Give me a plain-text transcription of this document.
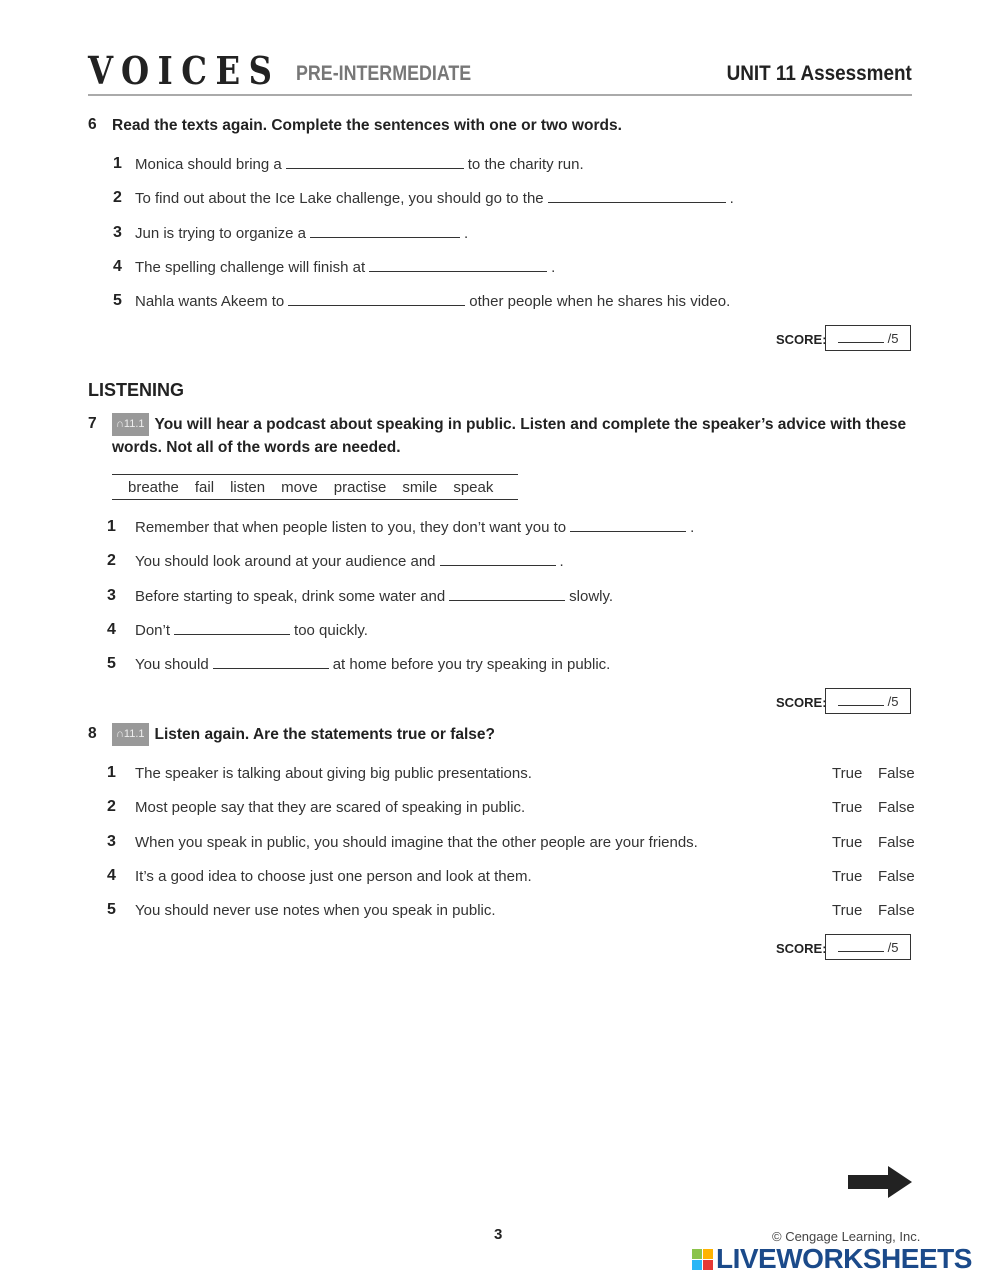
VOICES PRE-INTERMEDIATE	UNIT 11 Assessment
6 Read the texts again. Complete the sentences with one or two words.
SCORE:	/5
LISTENING
7	∩11.1 You will hear a podcast about speaking in public. Listen and complete the speaker’s advice with these words. Not all of the words are needed.
breathe fail listen move practise smile speak
SCORE:	/5
8	∩11.1 Listen again. Are the statements true or false?
SCORE:	/5
3	© Cengage Learning, Inc.
LIVEWORKSHEETS
1 Monica should bring a	to the charity run.
2 To find out about the Ice Lake challenge, you should go to the	.
3 Jun is trying to organize a	.
4 The spelling challenge will finish at	.
5 Nahla wants Akeem to	other people when he shares his video.
1 Remember that when people listen to you, they don’t want you to	.
2 You should look around at your audience and	.
3 Before starting to speak, drink some water and	slowly.
4 Don’t	too quickly.
5 You should	at home before you try speaking in public.
1 The speaker is talking about giving big public presentations.	True False
2 Most people say that they are scared of speaking in public.	True False
3 When you speak in public, you should imagine that the other people are your friends.	True False
4 It’s a good idea to choose just one person and look at them.	True False
5 You should never use notes when you speak in public.	True False
